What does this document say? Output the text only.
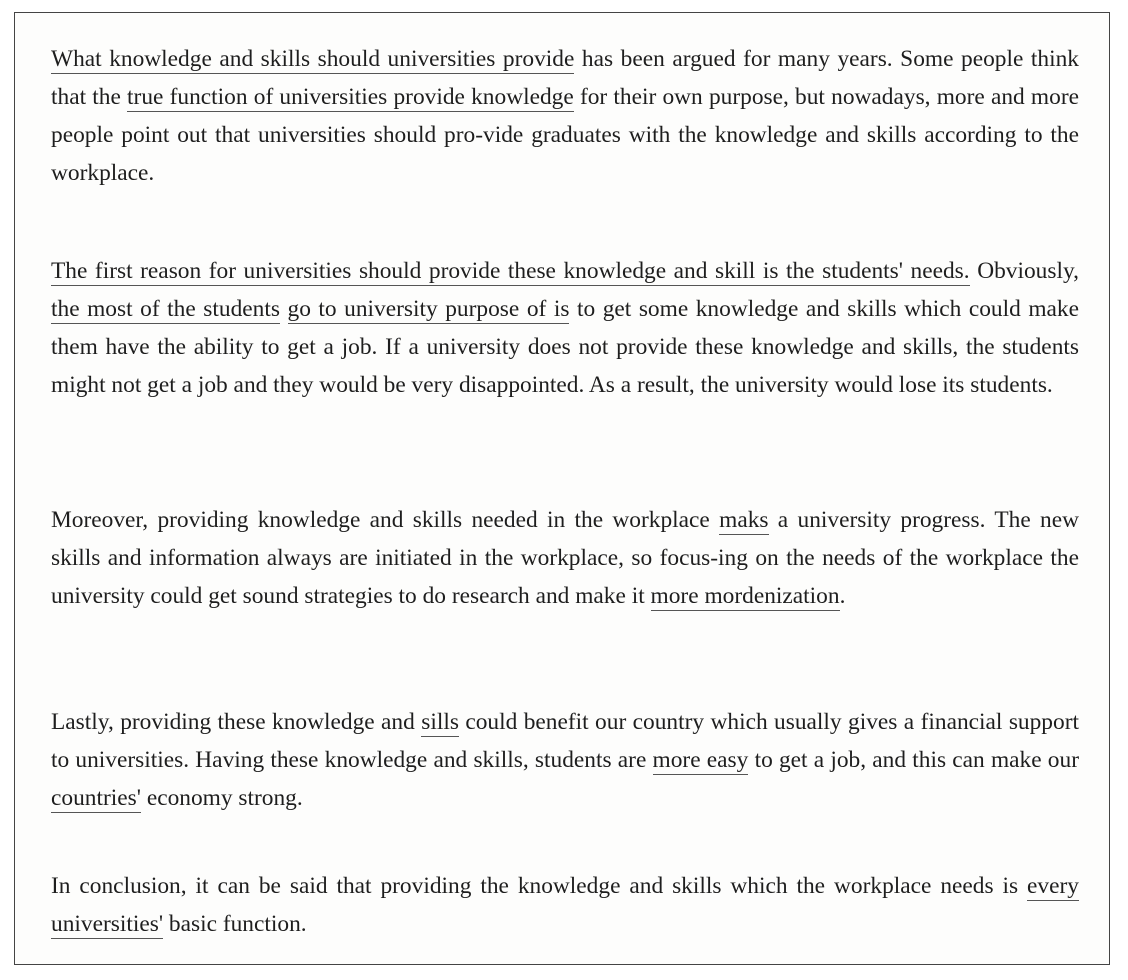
What knowledge and skills should universities provide has been argued for many years. Some people think that the true function of universities provide knowledge for their own purpose, but nowadays, more and more people point out that universities should pro-vide graduates with the knowledge and skills according to the workplace.

The first reason for universities should provide these knowledge and skill is the students' needs. Obviously, the most of the students go to university purpose of is to get some knowledge and skills which could make them have the ability to get a job. If a university does not provide these knowledge and skills, the students might not get a job and they would be very disappointed. As a result, the university would lose its students.

Moreover, providing knowledge and skills needed in the workplace maks a university progress. The new skills and information always are initiated in the workplace, so focus-ing on the needs of the workplace the university could get sound strategies to do research and make it more mordenization.

Lastly, providing these knowledge and sills could benefit our country which usually gives a financial support to universities. Having these knowledge and skills, students are more easy to get a job, and this can make our countries' economy strong.

In conclusion, it can be said that providing the knowledge and skills which the workplace needs is every universities' basic function.
